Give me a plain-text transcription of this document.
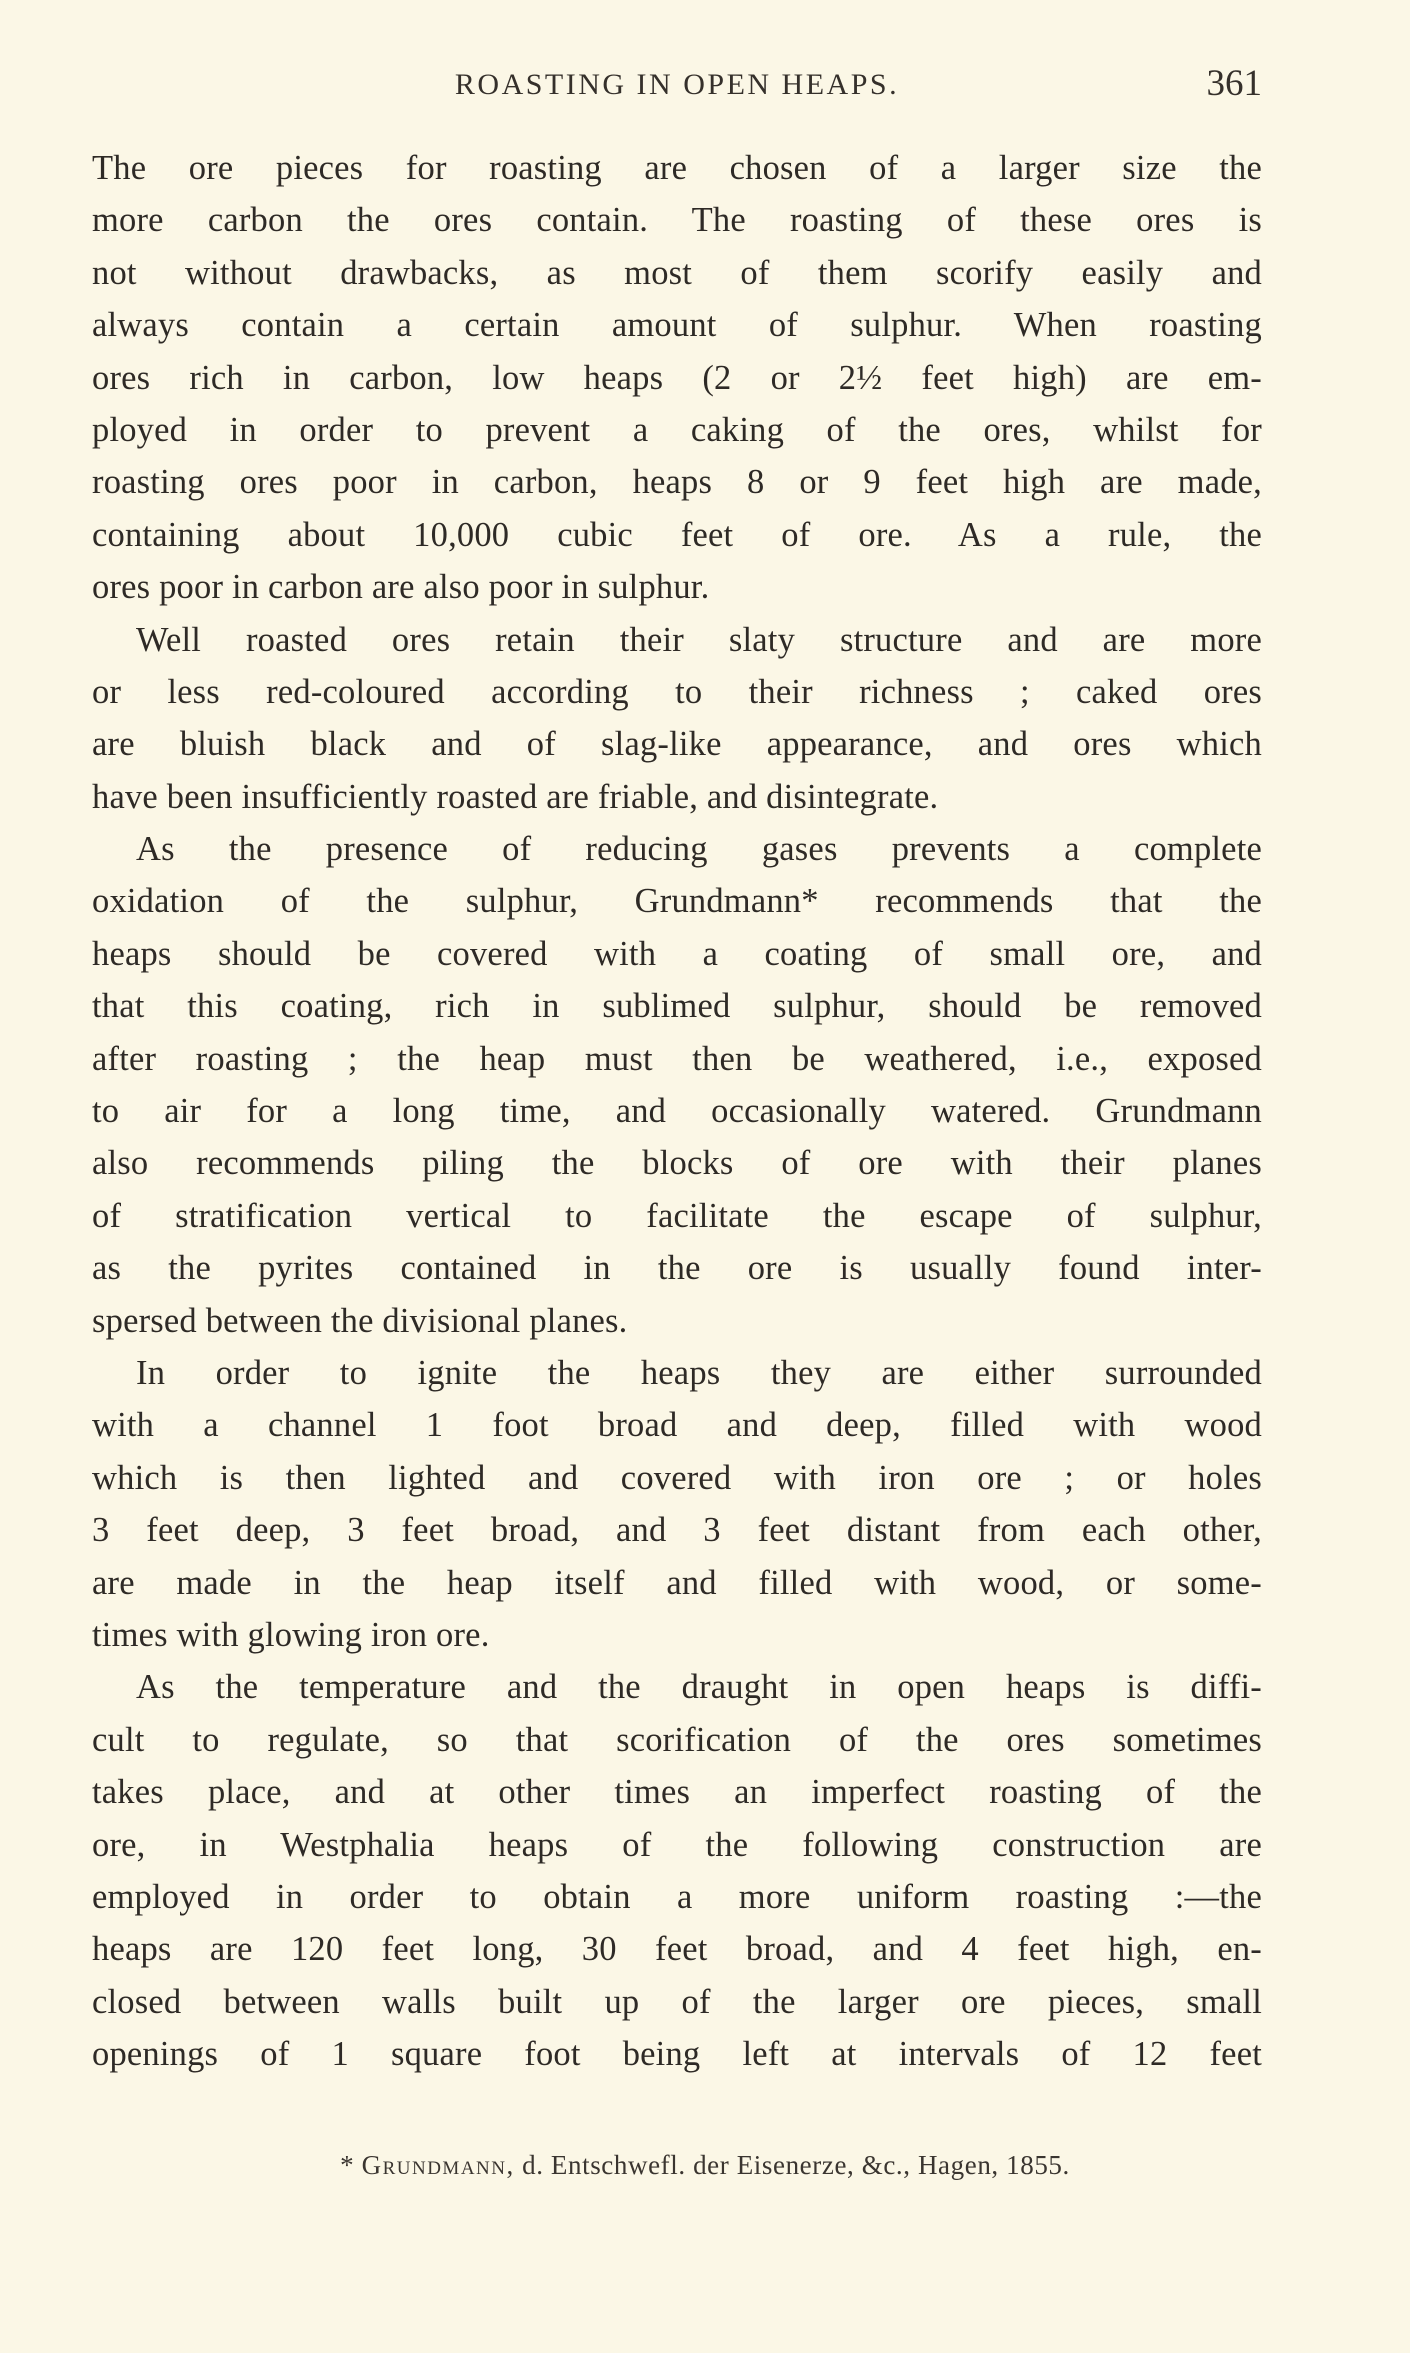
ROASTING IN OPEN HEAPS.	361
The ore pieces for roasting are chosen of a larger size the
more carbon the ores contain. The roasting of these ores is
not without drawbacks, as most of them scorify easily and
always contain a certain amount of sulphur. When roasting
ores rich in carbon, low heaps (2 or 2½ feet high) are em-
ployed in order to prevent a caking of the ores, whilst for
roasting ores poor in carbon, heaps 8 or 9 feet high are made,
containing about 10,000 cubic feet of ore. As a rule, the
ores poor in carbon are also poor in sulphur.
Well roasted ores retain their slaty structure and are more
or less red-coloured according to their richness ; caked ores
are bluish black and of slag-like appearance, and ores which
have been insufficiently roasted are friable, and disintegrate.
As the presence of reducing gases prevents a complete
oxidation of the sulphur, Grundmann* recommends that the
heaps should be covered with a coating of small ore, and
that this coating, rich in sublimed sulphur, should be removed
after roasting ; the heap must then be weathered, i.e., exposed
to air for a long time, and occasionally watered. Grundmann
also recommends piling the blocks of ore with their planes
of stratification vertical to facilitate the escape of sulphur,
as the pyrites contained in the ore is usually found inter-
spersed between the divisional planes.
In order to ignite the heaps they are either surrounded
with a channel 1 foot broad and deep, filled with wood
which is then lighted and covered with iron ore ; or holes
3 feet deep, 3 feet broad, and 3 feet distant from each other,
are made in the heap itself and filled with wood, or some-
times with glowing iron ore.
As the temperature and the draught in open heaps is diffi-
cult to regulate, so that scorification of the ores sometimes
takes place, and at other times an imperfect roasting of the
ore, in Westphalia heaps of the following construction are
employed in order to obtain a more uniform roasting :—the
heaps are 120 feet long, 30 feet broad, and 4 feet high, en-
closed between walls built up of the larger ore pieces, small
openings of 1 square foot being left at intervals of 12 feet
* Grundmann, d. Entschwefl. der Eisenerze, &c., Hagen, 1855.
